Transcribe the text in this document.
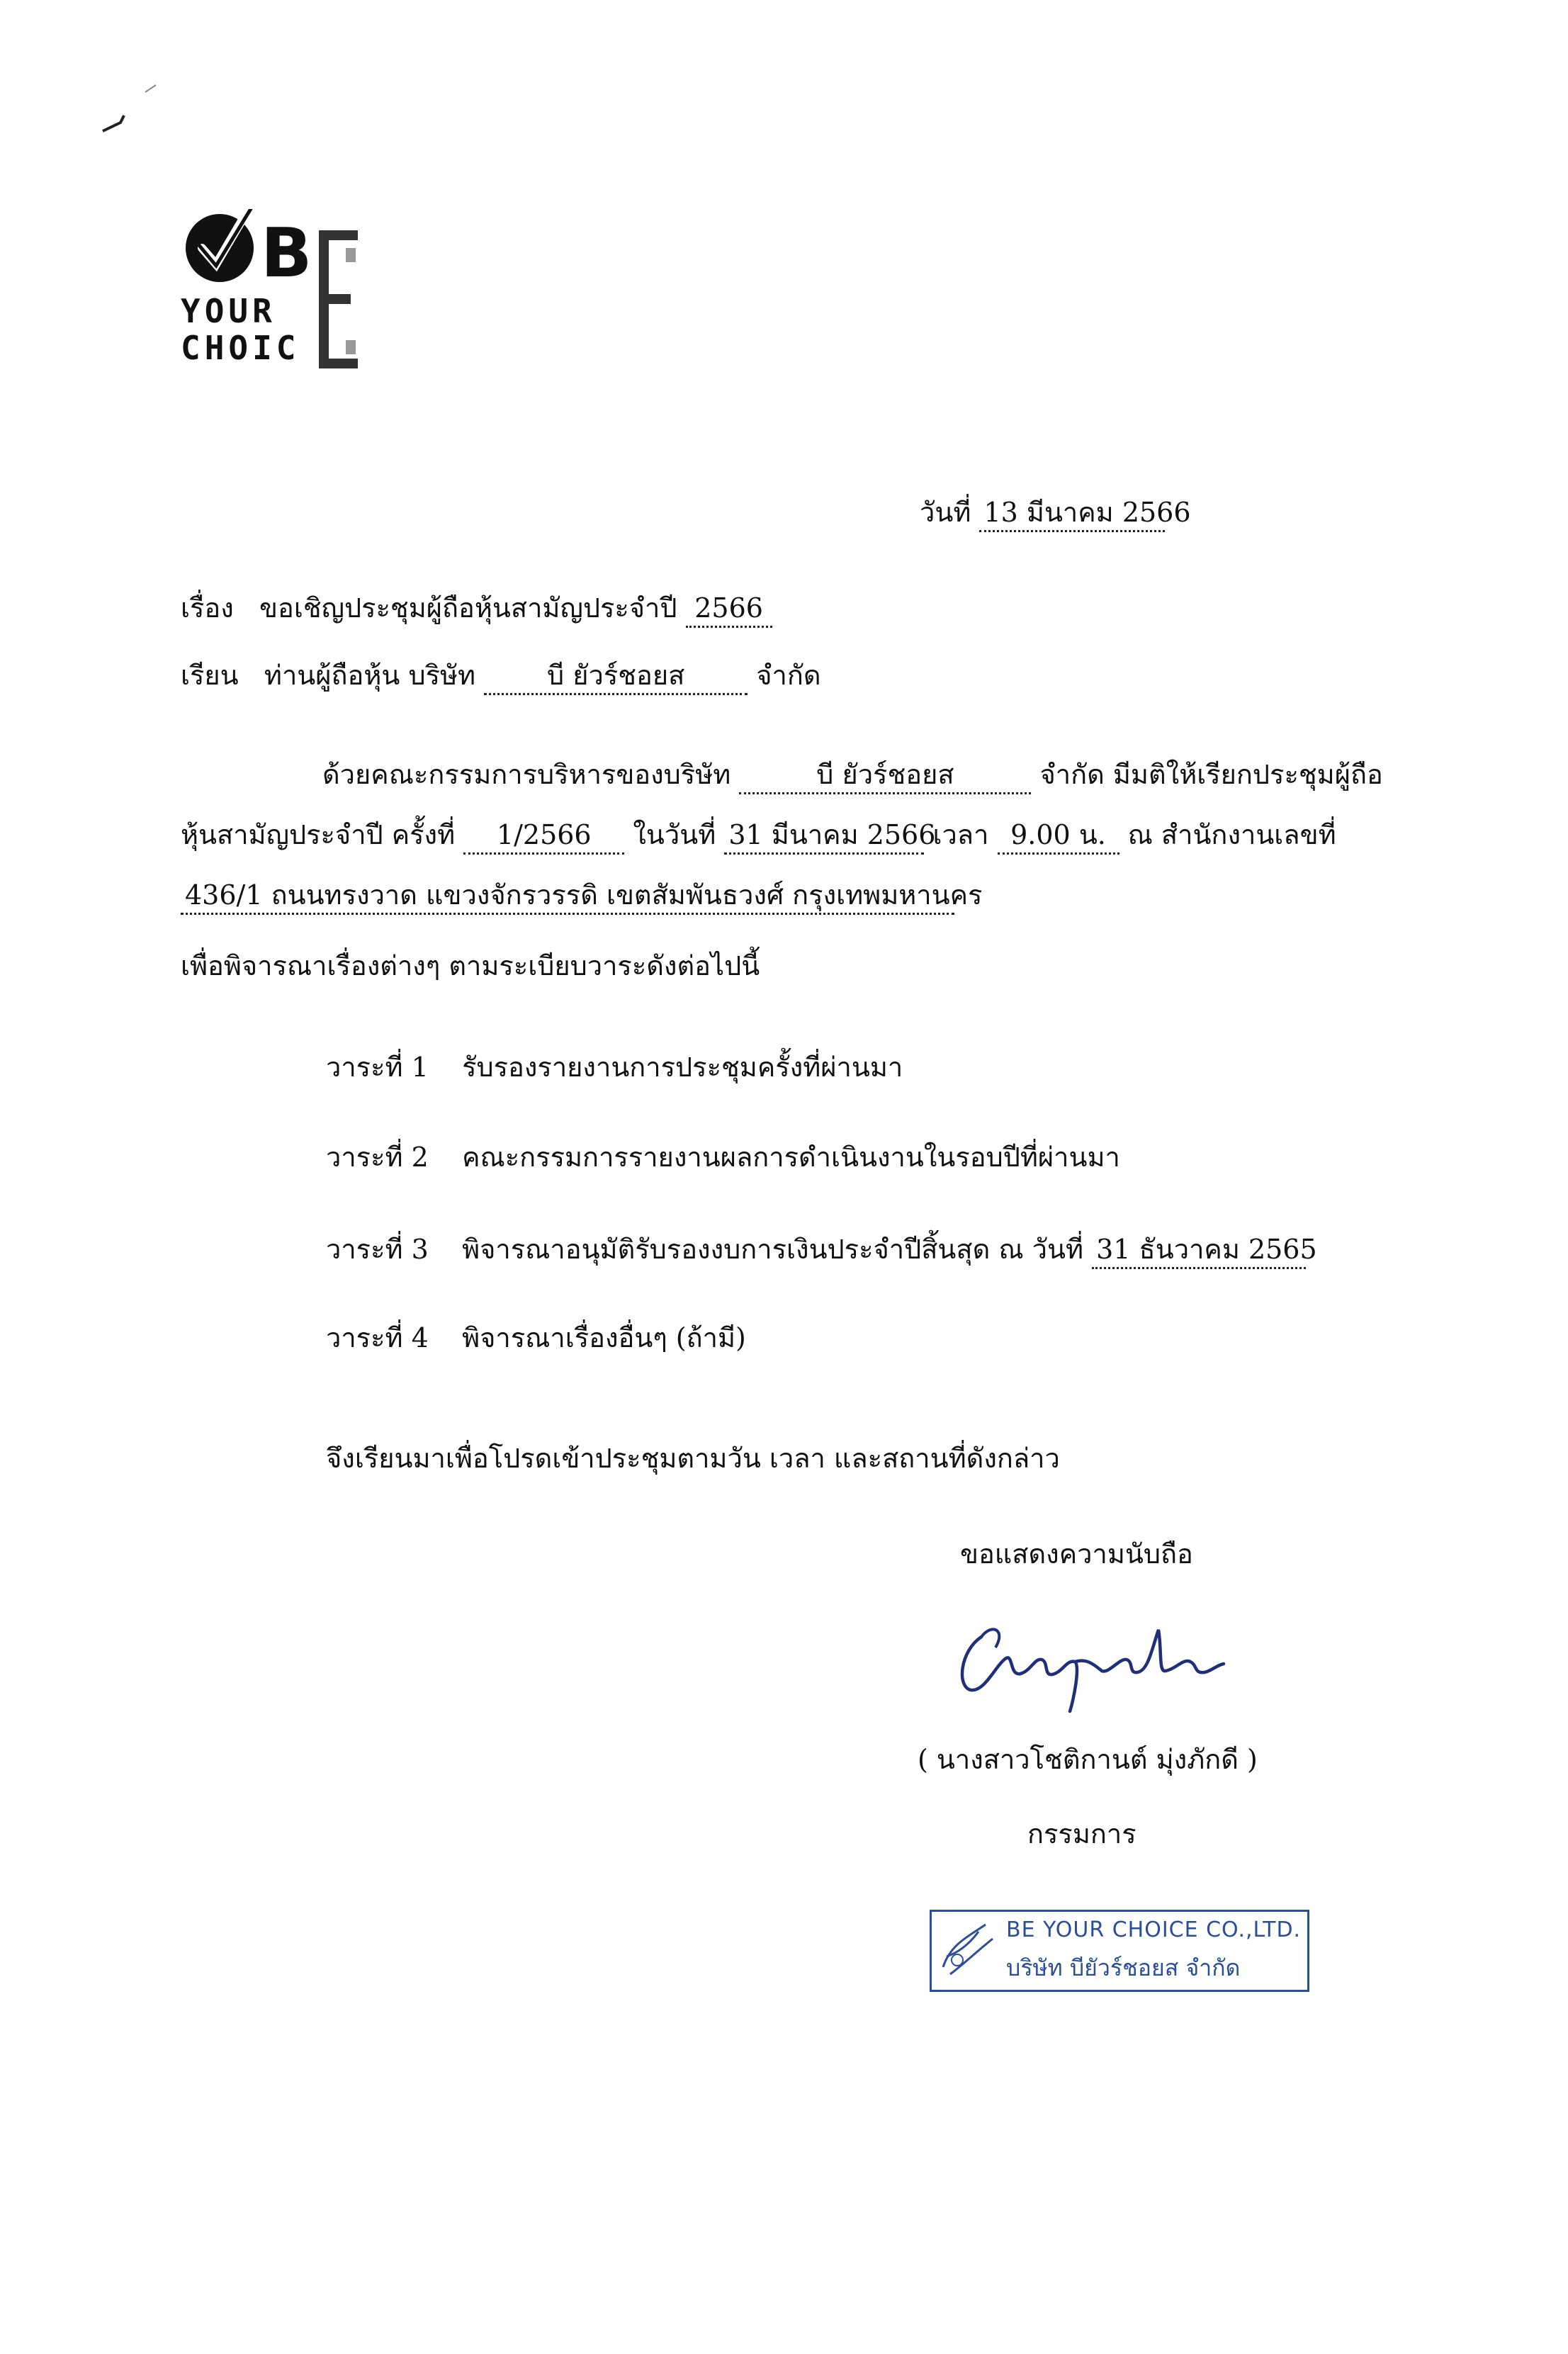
B
YOUR
CHOIC
วันที่ 13 มีนาคม 2566
เรื่อง ขอเชิญประชุมผู้ถือหุ้นสามัญประจำปี 2566
เรียน ท่านผู้ถือหุ้น บริษัท	บี ยัวร์ชอยส	จำกัด
ด้วยคณะกรรมการบริหารของบริษัท	บี ยัวร์ชอยส	จำกัด มีมติให้เรียกประชุมผู้ถือ
หุ้นสามัญประจำปี ครั้งที่ 1/2566 ในวันที่ 31 มีนาคม 2566 เวลา 9.00 น. ณ สำนักงานเลขที่
436/1 ถนนทรงวาด แขวงจักรวรรดิ เขตสัมพันธวงศ์ กรุงเทพมหานคร
เพื่อพิจารณาเรื่องต่างๆ ตามระเบียบวาระดังต่อไปนี้
วาระที่ 1 รับรองรายงานการประชุมครั้งที่ผ่านมา
วาระที่ 2 คณะกรรมการรายงานผลการดำเนินงานในรอบปีที่ผ่านมา
วาระที่ 3 พิจารณาอนุมัติรับรองงบการเงินประจำปีสิ้นสุด ณ วันที่ 31 ธันวาคม 2565
วาระที่ 4 พิจารณาเรื่องอื่นๆ (ถ้ามี)
จึงเรียนมาเพื่อโปรดเข้าประชุมตามวัน เวลา และสถานที่ดังกล่าว
ขอแสดงความนับถือ
( นางสาวโชติกานต์ มุ่งภักดี )
กรรมการ
BE YOUR CHOICE CO.,LTD.
บริษัท บียัวร์ชอยส จำกัด
